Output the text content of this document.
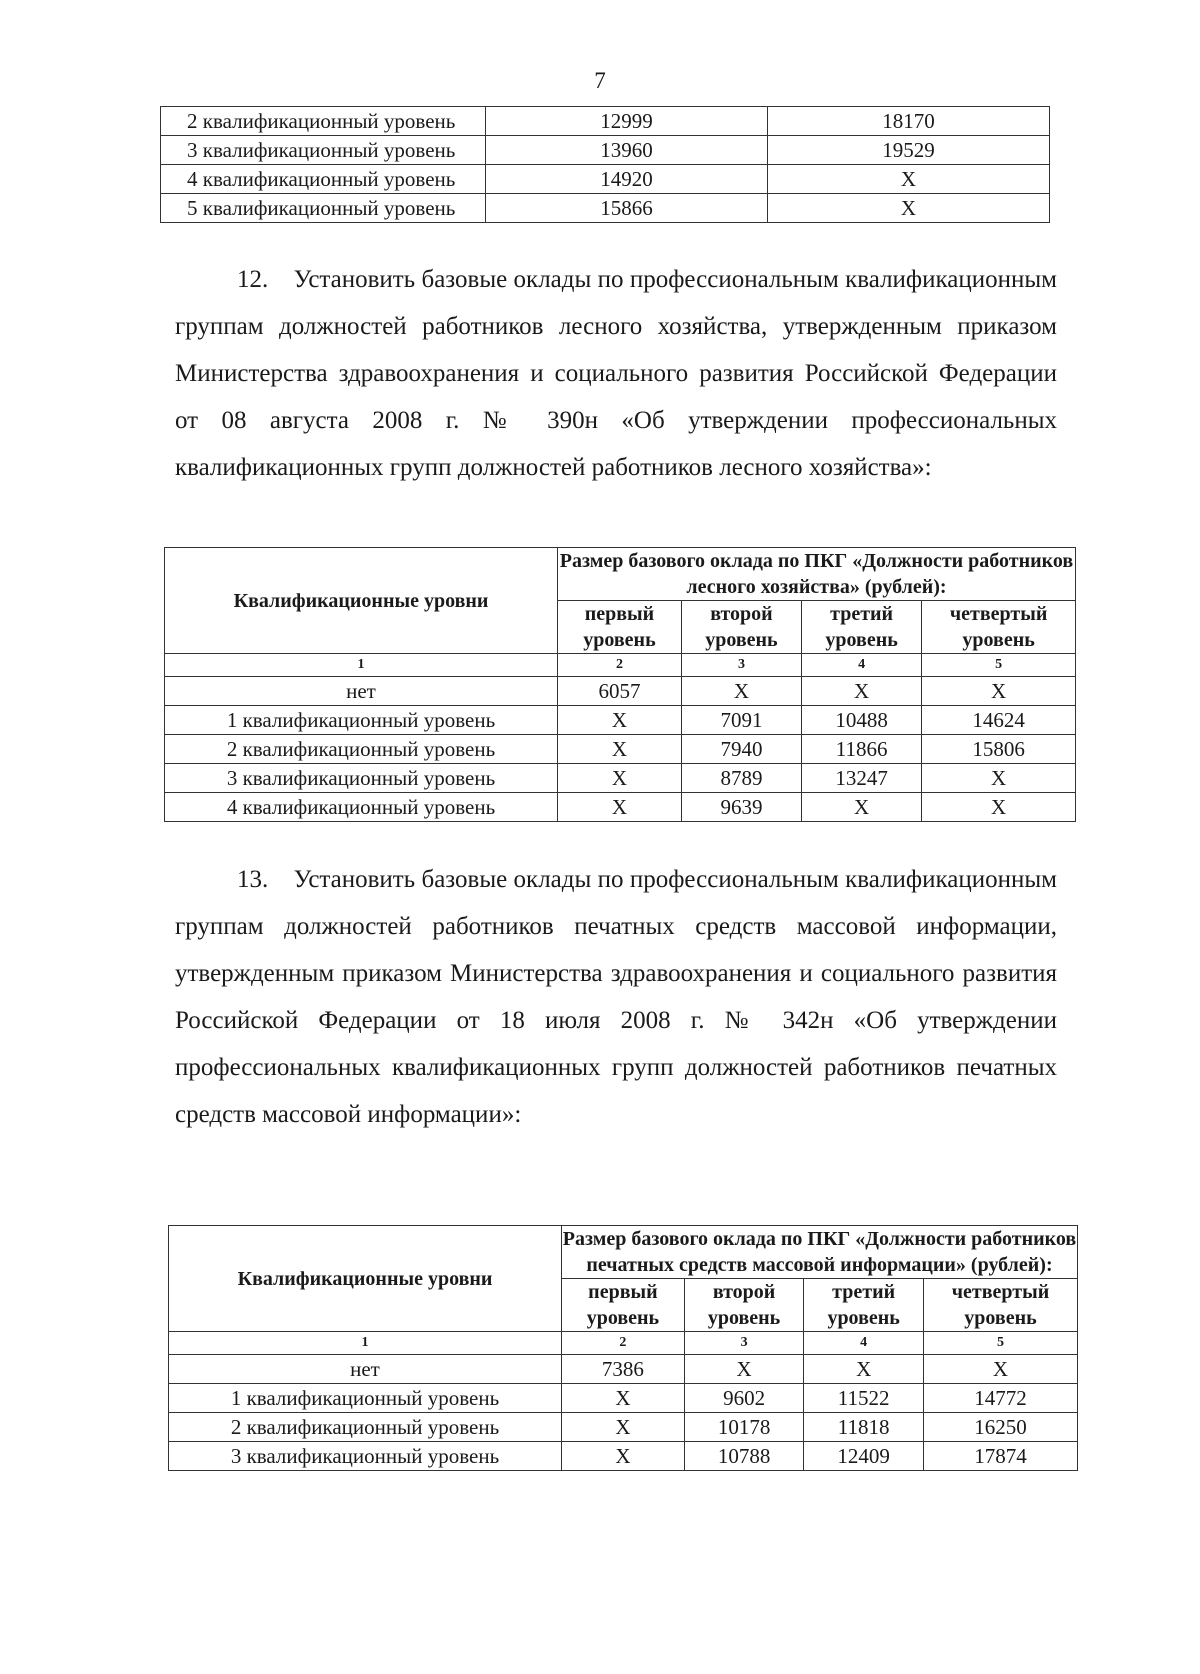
7
2 квалификационный уровень	12999	18170
3 квалификационный уровень	13960	19529
4 квалификационный уровень	14920	Х
5 квалификационный уровень	15866	Х

12. Установить базовые оклады по профессиональным квалификационным группам должностей работников лесного хозяйства, утвержденным приказом Министерства здравоохранения и социального развития Российской Федерации от 08 августа 2008 г. № 390н «Об утверждении профессиональных квалификационных групп должностей работников лесного хозяйства»:

Квалификационные уровни	Размер базового оклада по ПКГ «Должности работников лесного хозяйства» (рублей):			
	первый уровень	второй уровень	третий уровень	четвертый уровень
1	2	3	4	5
нет	6057	Х	Х	Х
1 квалификационный уровень	Х	7091	10488	14624
2 квалификационный уровень	Х	7940	11866	15806
3 квалификационный уровень	Х	8789	13247	Х
4 квалификационный уровень	Х	9639	Х	Х

13. Установить базовые оклады по профессиональным квалификационным группам должностей работников печатных средств массовой информации, утвержденным приказом Министерства здравоохранения и социального развития Российской Федерации от 18 июля 2008 г. № 342н «Об утверждении профессиональных квалификационных групп должностей работников печатных средств массовой информации»:

Квалификационные уровни	Размер базового оклада по ПКГ «Должности работников печатных средств массовой информации» (рублей):			
	первый уровень	второй уровень	третий уровень	четвертый уровень
1	2	3	4	5
нет	7386	Х	Х	Х
1 квалификационный уровень	Х	9602	11522	14772
2 квалификационный уровень	Х	10178	11818	16250
3 квалификационный уровень	Х	10788	12409	17874
